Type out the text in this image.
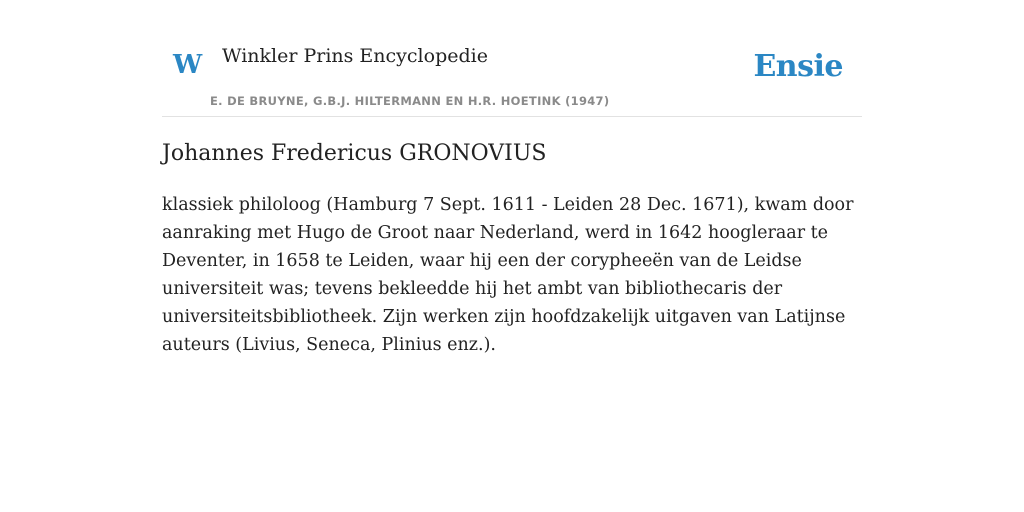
W Winkler Prins Encyclopedie
E. DE BRUYNE, G.B.J. HILTERMANN EN H.R. HOETINK (1947)
Ensie
Johannes Fredericus GRONOVIUS

klassiek philoloog (Hamburg 7 Sept. 1611 - Leiden 28 Dec. 1671), kwam door aanraking met Hugo de Groot naar Nederland, werd in 1642 hoogleraar te Deventer, in 1658 te Leiden, waar hij een der corypheeën van de Leidse universiteit was; tevens bekleedde hij het ambt van bibliothecaris der universiteitsbibliotheek. Zijn werken zijn hoofdzakelijk uitgaven van Latijnse auteurs (Livius, Seneca, Plinius enz.).
